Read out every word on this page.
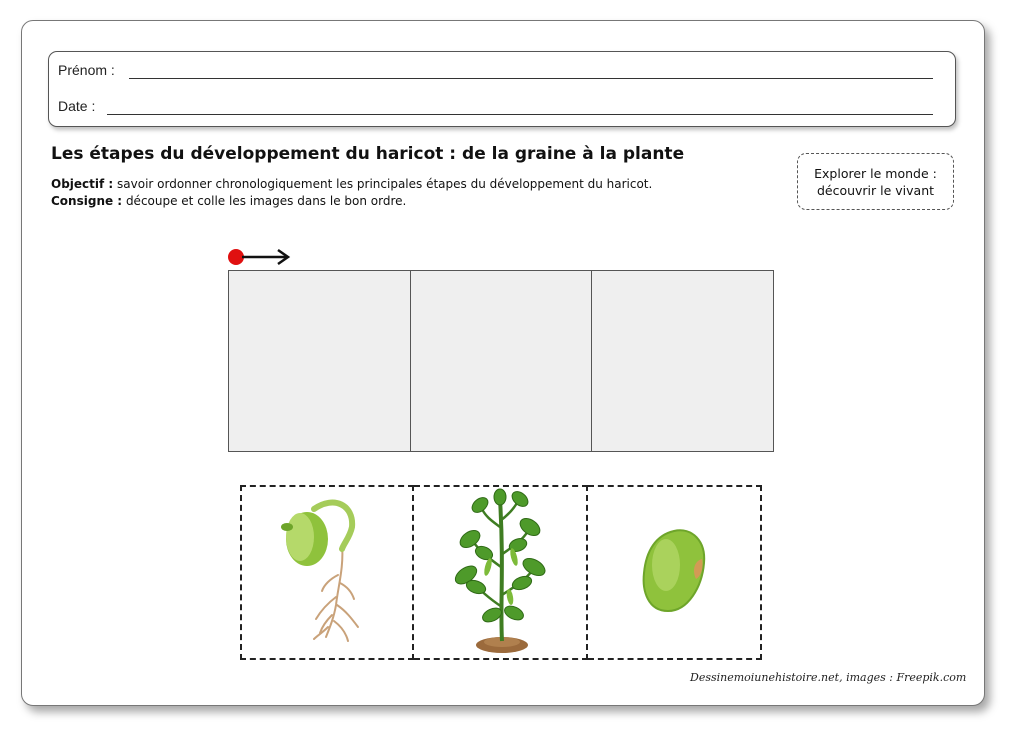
Prénom :
Date :
Les étapes du développement du haricot : de la graine à la plante
Objectif : savoir ordonner chronologiquement les principales étapes du développement du haricot.
Consigne : découpe et colle les images dans le bon ordre.
Explorer le monde :
découvrir le vivant
Dessinemoiunehistoire.net, images : Freepik.com
